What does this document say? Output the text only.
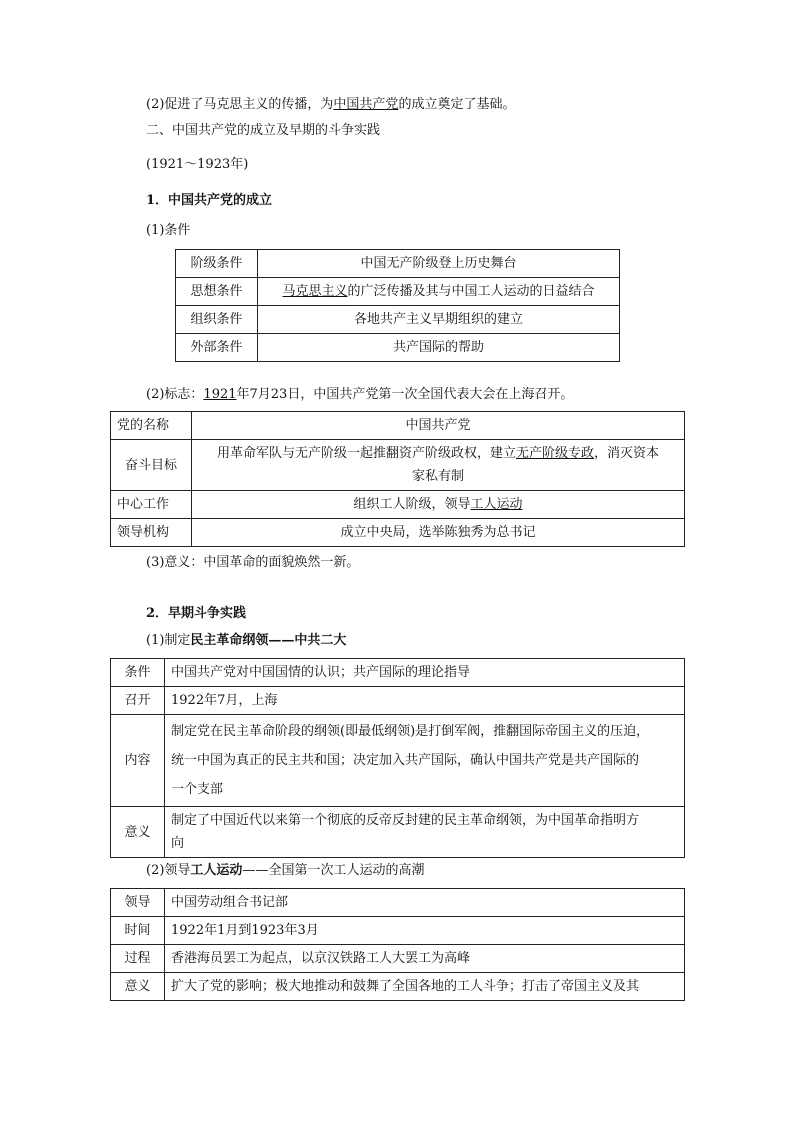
(2)促进了马克思主义的传播，为中国共产党的成立奠定了基础。
二、中国共产党的成立及早期的斗争实践
(1921～1923年)
1．中国共产党的成立
(1)条件
阶级条件	中国无产阶级登上历史舞台
思想条件	马克思主义的广泛传播及其与中国工人运动的日益结合
组织条件	各地共产主义早期组织的建立
外部条件	共产国际的帮助
(2)标志：1921年7月23日，中国共产党第一次全国代表大会在上海召开。
党的名称	中国共产党
奋斗目标	用革命军队与无产阶级一起推翻资产阶级政权，建立无产阶级专政，消灭资本
家私有制
中心工作	组织工人阶级，领导工人运动
领导机构	成立中央局，选举陈独秀为总书记
(3)意义：中国革命的面貌焕然一新。
2．早期斗争实践
(1)制定民主革命纲领——中共二大
条件	中国共产党对中国国情的认识；共产国际的理论指导
召开	1922年7月，上海
内容	制定党在民主革命阶段的纲领(即最低纲领)是打倒军阀，推翻国际帝国主义的压迫，
统一中国为真正的民主共和国；决定加入共产国际，确认中国共产党是共产国际的
一个支部
意义	制定了中国近代以来第一个彻底的反帝反封建的民主革命纲领，为中国革命指明方
向
(2)领导工人运动——全国第一次工人运动的高潮
领导	中国劳动组合书记部
时间	1922年1月到1923年3月
过程	香港海员罢工为起点，以京汉铁路工人大罢工为高峰
意义	扩大了党的影响；极大地推动和鼓舞了全国各地的工人斗争；打击了帝国主义及其
